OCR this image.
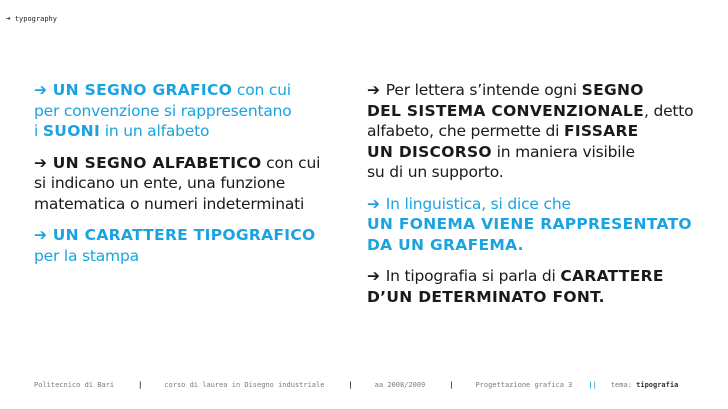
➔ typography

➔ UN SEGNO GRAFICO con cui
per convenzione si rappresentano
i SUONI in un alfabeto

➔ UN SEGNO ALFABETICO con cui
si indicano un ente, una funzione
matematica o numeri indeterminati

➔ UN CARATTERE TIPOGRAFICO
per la stampa

➔ Per lettera s’intende ogni SEGNO
DEL SISTEMA CONVENZIONALE, detto
alfabeto, che permette di FISSARE
UN DISCORSO in maniera visibile
su di un supporto.

➔ In linguistica, si dice che
UN FONEMA VIENE RAPPRESENTATO
DA UN GRAFEMA.

➔ In tipografia si parla di CARATTERE
D’UN DETERMINATO FONT.

Politecnico di Bari	|	corso di laurea in Disegno industriale	|	aa 2008/2009	|	Progettazione grafica 3 || tema:
tipografia
